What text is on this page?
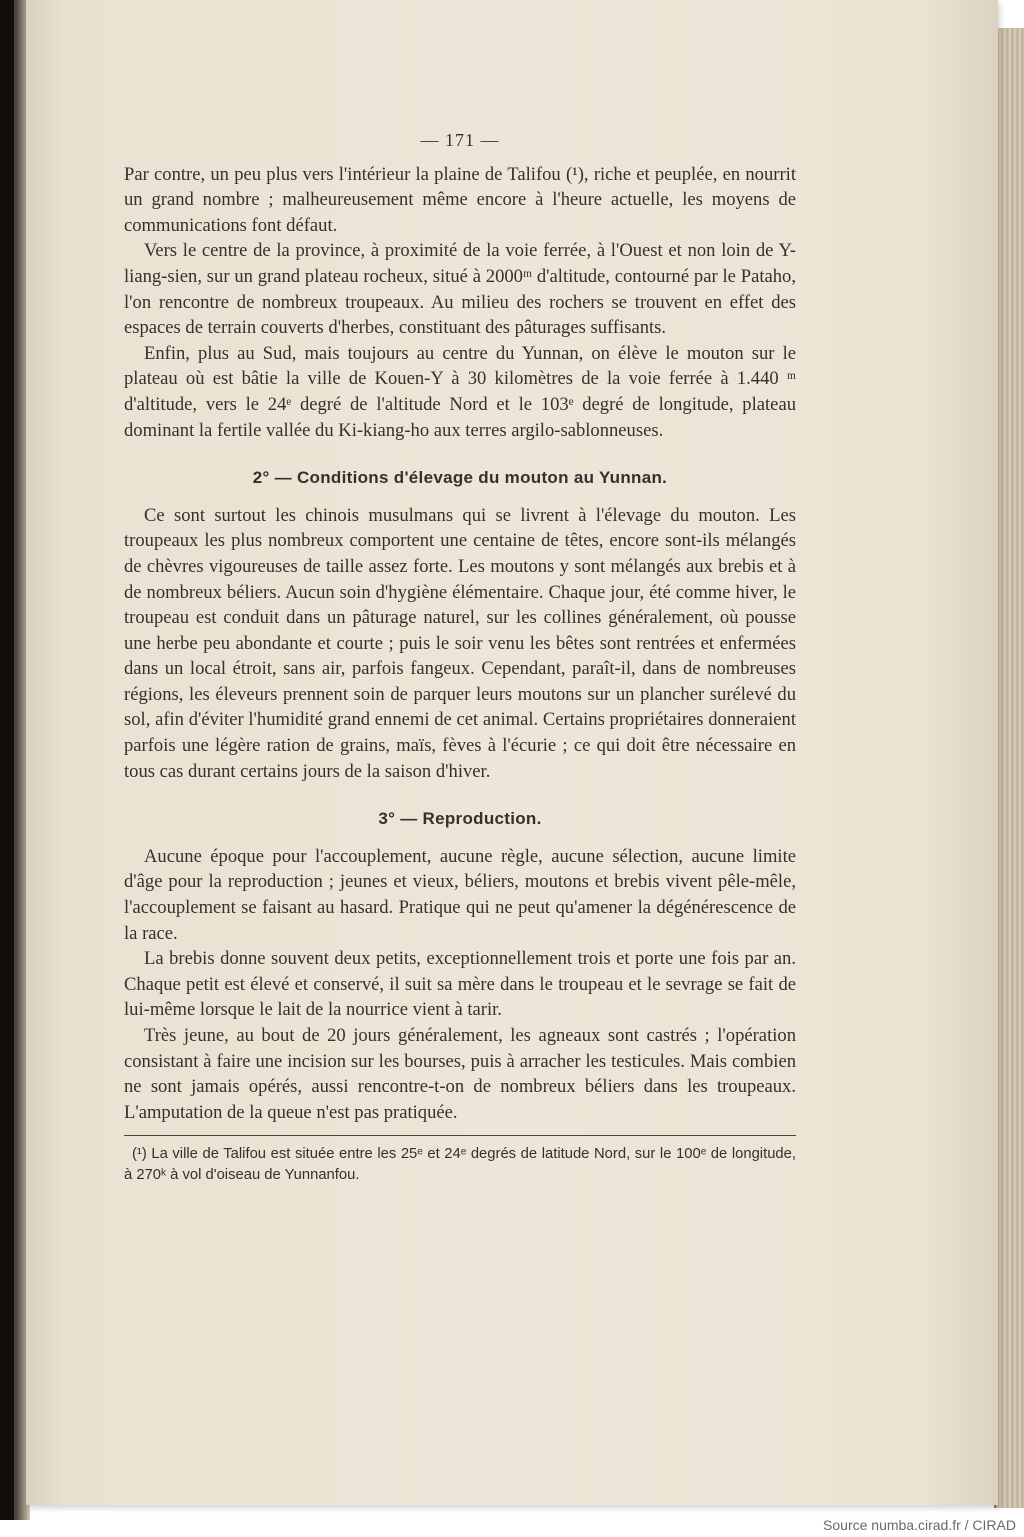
— 171 —

Par contre, un peu plus vers l'intérieur la plaine de Talifou (¹), riche et peuplée, en nourrit un grand nombre ; malheureusement même encore à l'heure actuelle, les moyens de communications font défaut.

Vers le centre de la province, à proximité de la voie ferrée, à l'Ouest et non loin de Y-liang-sien, sur un grand plateau rocheux, situé à 2000ᵐ d'altitude, contourné par le Pataho, l'on rencontre de nombreux troupeaux. Au milieu des rochers se trouvent en effet des espaces de terrain couverts d'herbes, constituant des pâturages suffisants.

Enfin, plus au Sud, mais toujours au centre du Yunnan, on élève le mouton sur le plateau où est bâtie la ville de Kouen-Y à 30 kilomètres de la voie ferrée à 1.440 ᵐ d'altitude, vers le 24ᵉ degré de l'altitude Nord et le 103ᵉ degré de longitude, plateau dominant la fertile vallée du Ki-kiang-ho aux terres argilo-sablonneuses.

2° — Conditions d'élevage du mouton au Yunnan.

Ce sont surtout les chinois musulmans qui se livrent à l'élevage du mouton. Les troupeaux les plus nombreux comportent une centaine de têtes, encore sont-ils mélangés de chèvres vigoureuses de taille assez forte. Les moutons y sont mélangés aux brebis et à de nombreux béliers. Aucun soin d'hygiène élémentaire. Chaque jour, été comme hiver, le troupeau est conduit dans un pâturage naturel, sur les collines généralement, où pousse une herbe peu abondante et courte ; puis le soir venu les bêtes sont rentrées et enfermées dans un local étroit, sans air, parfois fangeux. Cependant, paraît-il, dans de nombreuses régions, les éleveurs prennent soin de parquer leurs moutons sur un plancher surélevé du sol, afin d'éviter l'humidité grand ennemi de cet animal. Certains propriétaires donneraient parfois une légère ration de grains, maïs, fèves à l'écurie ; ce qui doit être nécessaire en tous cas durant certains jours de la saison d'hiver.

3° — Reproduction.

Aucune époque pour l'accouplement, aucune règle, aucune sélection, aucune limite d'âge pour la reproduction ; jeunes et vieux, béliers, moutons et brebis vivent pêle-mêle, l'accouplement se faisant au hasard. Pratique qui ne peut qu'amener la dégénérescence de la race.

La brebis donne souvent deux petits, exceptionnellement trois et porte une fois par an. Chaque petit est élevé et conservé, il suit sa mère dans le troupeau et le sevrage se fait de lui-même lorsque le lait de la nourrice vient à tarir.

Très jeune, au bout de 20 jours généralement, les agneaux sont castrés ; l'opération consistant à faire une incision sur les bourses, puis à arracher les testicules. Mais combien ne sont jamais opérés, aussi rencontre-t-on de nombreux béliers dans les troupeaux. L'amputation de la queue n'est pas pratiquée.

(¹) La ville de Talifou est située entre les 25ᵉ et 24ᵉ degrés de latitude Nord, sur le 100ᵉ de longitude, à 270ᵏ à vol d'oiseau de Yunnanfou.
Source numba.cirad.fr / CIRAD
